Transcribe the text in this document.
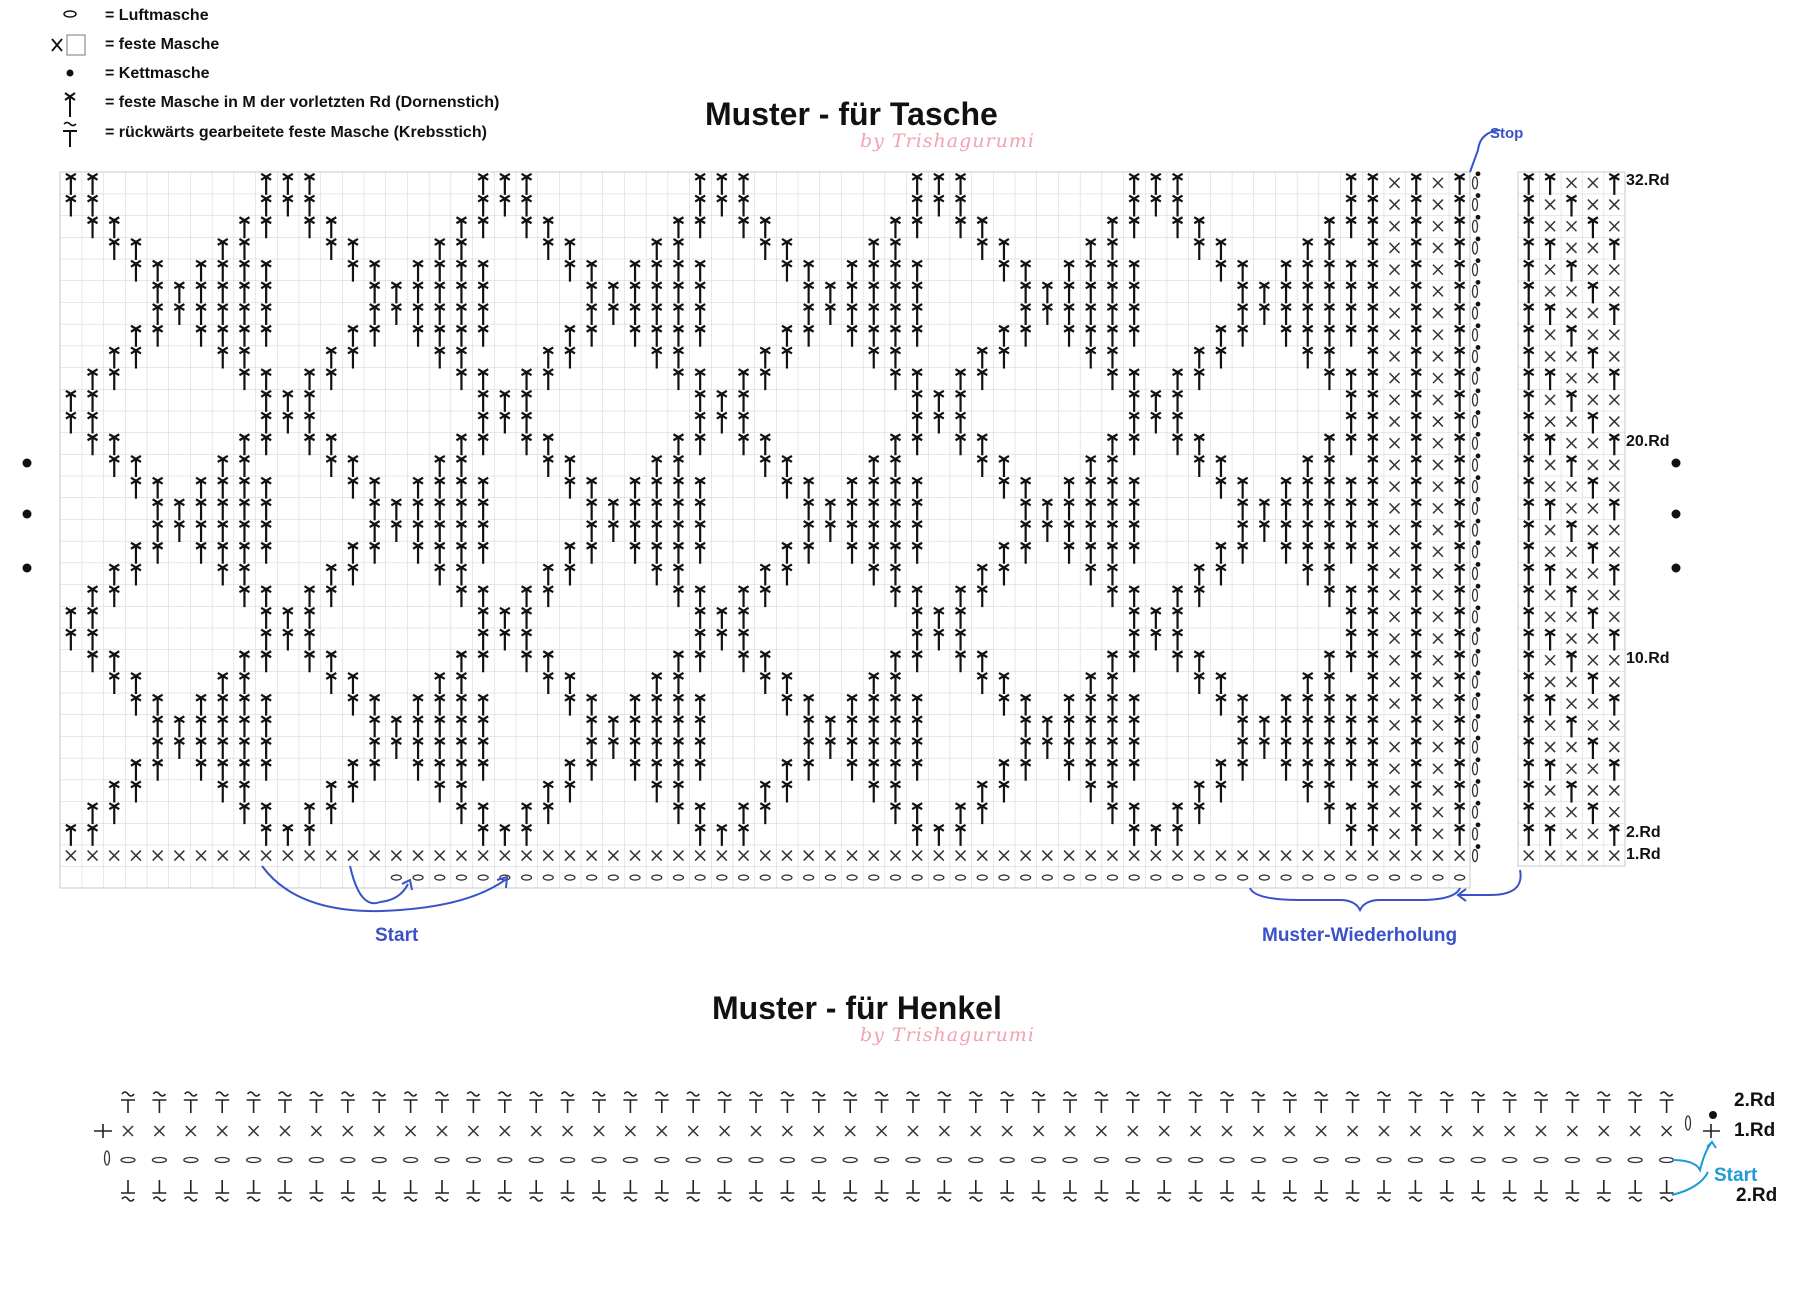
= Luftmasche
= feste Masche
= Kettmasche
= feste Masche in M der vorletzten Rd (Dornenstich)
= rückwärts gearbeitete feste Masche (Krebsstich)
Muster - für Tasche
by Trishagurumi
Muster - für Henkel
by Trishagurumi
32.Rd
20.Rd
10.Rd
2.Rd
1.Rd
Stop
Start	Muster-Wiederholung
2.Rd
1.Rd
Start
2.Rd
